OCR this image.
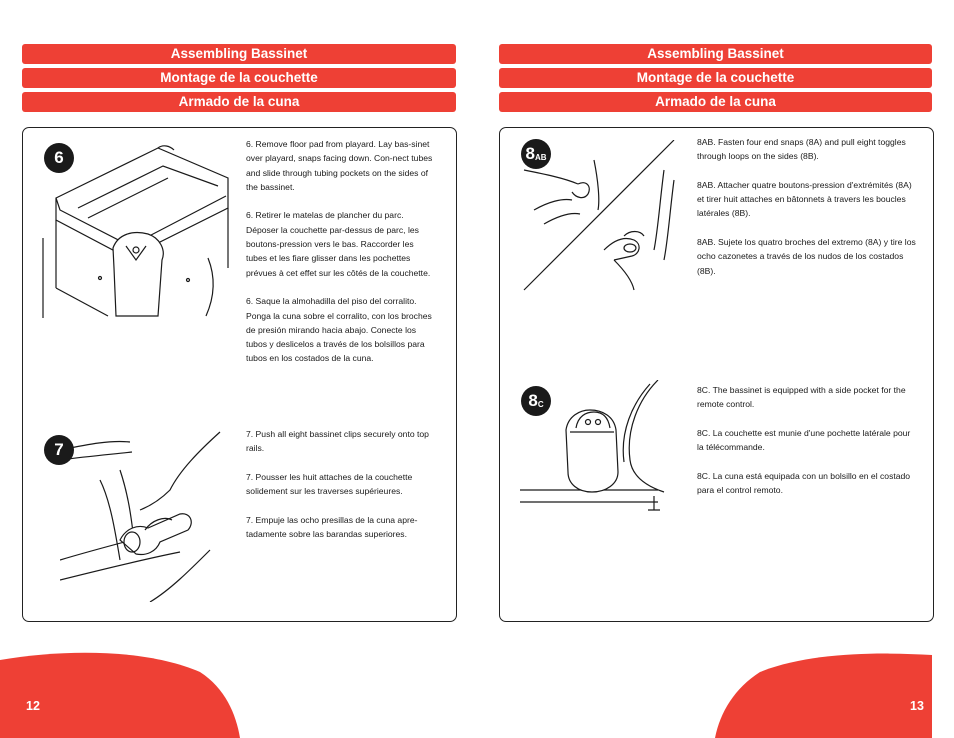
Assembling Bassinet
Montage de la couchette
Armado de la cuna
Assembling Bassinet
Montage de la couchette
Armado de la cuna
6

6. Remove floor pad from playard. Lay bas-sinet over playard, snaps facing down. Con-nect tubes and slide through tubing pockets on the sides of the bassinet.

6. Retirer le matelas de plancher du parc. Déposer la couchette par-dessus de parc, les boutons-pression vers le bas. Raccorder les tubes et les fiare glisser dans les pochettes prévues à cet effet sur les côtés de la couchette.

6. Saque la almohadilla del piso del corralito. Ponga la cuna sobre el corralito, con los broches de presión mirando hacia abajo. Conecte los tubos y deslicelos a través de los bolsillos para tubos en los costados de la cuna.

7

7. Push all eight bassinet clips securely onto top rails.

7. Pousser les huit attaches de la couchette solidement sur les traverses supérieures.

7. Empuje las ocho presillas de la cuna apre-tadamente sobre las barandas superiores.

$8_{AB}$

8AB. Fasten four end snaps (8A) and pull eight toggles through loops on the sides (8B).

8AB. Attacher quatre boutons-pression d'extrémités (8A) et tirer huit attaches en bâtonnets à travers les boucles latérales (8B).

8AB. Sujete los quatro broches del extremo (8A) y tire los ocho cazonetes a través de los nudos de los costados (8B).

$8_C$

8C. The bassinet is equipped with a side pocket for the remote control.

8C. La couchette est munie d'une pochette latérale pour la télécommande.

8C. La cuna está equipada con un bolsillo en el costado para el control remoto.

12	13
